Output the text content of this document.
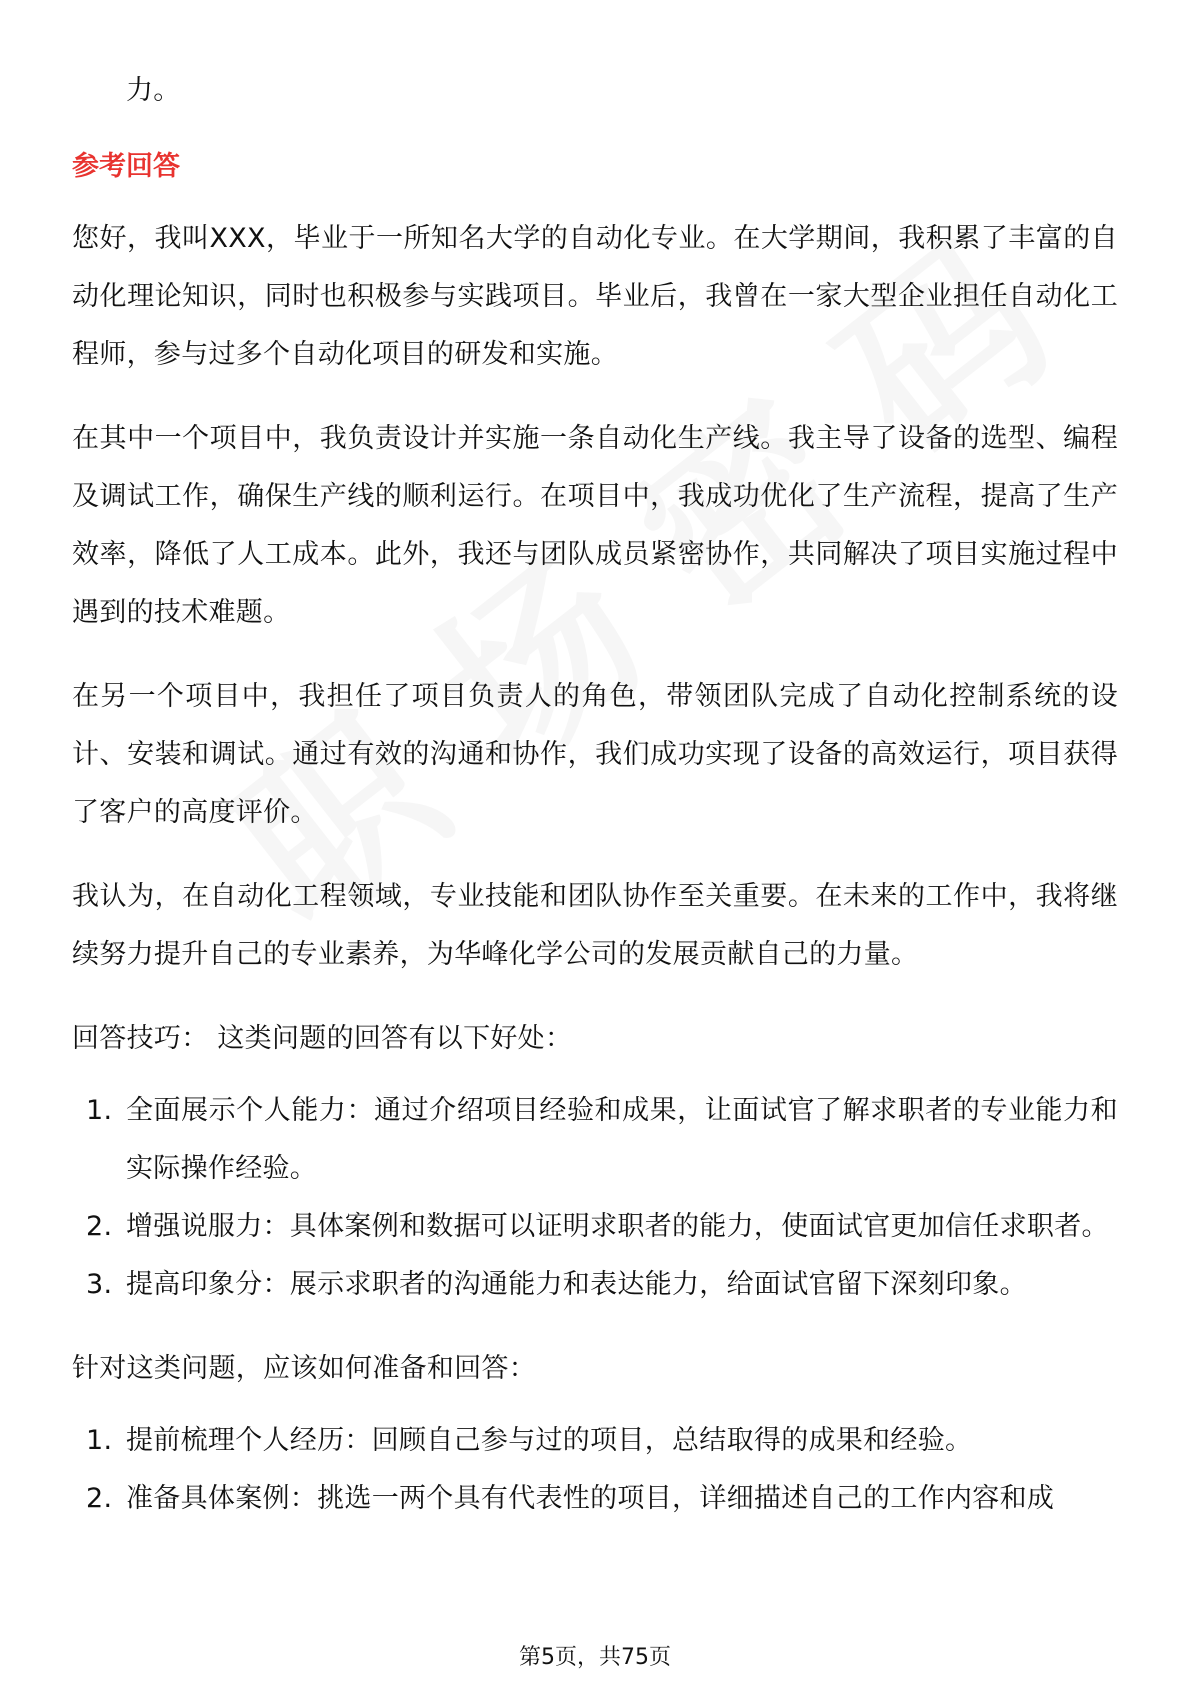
力。

参考回答

您好，我叫XXX，毕业于一所知名大学的自动化专业。在大学期间，我积累了丰富的自动化理论知识，同时也积极参与实践项目。毕业后，我曾在一家大型企业担任自动化工程师，参与过多个自动化项目的研发和实施。

在其中一个项目中，我负责设计并实施一条自动化生产线。我主导了设备的选型、编程及调试工作，确保生产线的顺利运行。在项目中，我成功优化了生产流程，提高了生产效率，降低了人工成本。此外，我还与团队成员紧密协作，共同解决了项目实施过程中遇到的技术难题。

在另一个项目中，我担任了项目负责人的角色，带领团队完成了自动化控制系统的设计、安装和调试。通过有效的沟通和协作，我们成功实现了设备的高效运行，项目获得了客户的高度评价。

我认为，在自动化工程领域，专业技能和团队协作至关重要。在未来的工作中，我将继续努力提升自己的专业素养，为华峰化学公司的发展贡献自己的力量。

回答技巧： 这类问题的回答有以下好处：

1. 全面展示个人能力：通过介绍项目经验和成果，让面试官了解求职者的专业能力和实际操作经验。
2. 增强说服力：具体案例和数据可以证明求职者的能力，使面试官更加信任求职者。
3. 提高印象分：展示求职者的沟通能力和表达能力，给面试官留下深刻印象。

针对这类问题，应该如何准备和回答：

1. 提前梳理个人经历：回顾自己参与过的项目，总结取得的成果和经验。
2. 准备具体案例：挑选一两个具有代表性的项目，详细描述自己的工作内容和成
第5页，共75页
